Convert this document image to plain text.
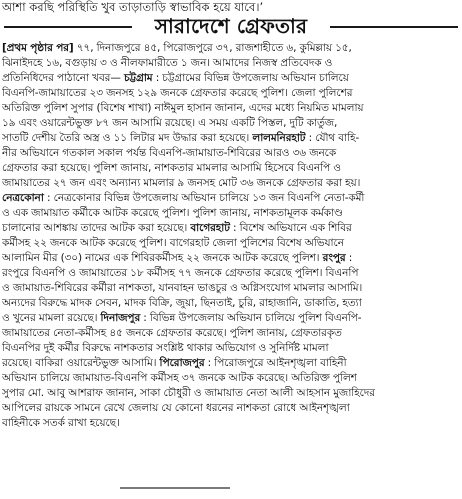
আশা করছি পরিস্থিতি খুব তাড়াতাড়ি স্বাভাবিক হয়ে যাবে।’
সারাদেশে গ্রেফতার
[প্রথম পৃষ্ঠার পর] ৭৭, দিনাজপুরে ৪৫, পিরোজপুরে ৩৭, রাজশাহীতে ৬, কুমিল্লায় ১৫,
ঝিনাইদহে ১৬, বগুড়ায় ৩ ও নীলফামারীতে ১ জন। আমাদের নিজস্ব প্রতিবেদক ও
প্রতিনিধিদের পাঠানো খবর— চট্টগ্রাম : চট্টগ্রামের বিভিন্ন উপজেলায় অভিযান চালিয়ে
বিএনপি-জামায়াতের ২৩ জনসহ ১২৯ জনকে গ্রেফতার করেছে পুলিশ। জেলা পুলিশের
অতিরিক্ত পুলিশ সুপার (বিশেষ শাখা) নাঈমুল হাসান জানান, এদের মধ্যে নিয়মিত মামলায়
১৯ এবং ওয়ারেন্টভুক্ত ৮৭ জন আসামি রয়েছে। এ সময় একটি পিস্তল, দুটি কার্তুজ,
সাতটি দেশীয় তৈরি অস্ত্র ও ১১ লিটার মদ উদ্ধার করা হয়েছে। লালমনিরহাট : যৌথ বাহি-
নীর অভিযানে গতকাল সকাল পর্যন্ত বিএনপি-জামায়াত-শিবিরের আরও ৩৬ জনকে
গ্রেফতার করা হয়েছে। পুলিশ জানায়, নাশকতার মামলার আসামি হিসেবে বিএনপি ও
জামায়াতের ২৭ জন এবং অন্যান্য মামলার ৯ জনসহ মোট ৩৬ জনকে গ্রেফতার করা হয়।
নেত্রকোনা : নেত্রকোনার বিভিন্ন উপজেলায় অভিযান চালিয়ে ১৩ জন বিএনপি নেতা-কর্মী
ও এক জামায়াত কর্মীকে আটক করেছে পুলিশ। পুলিশ জানায়, নাশকতামূলক কর্মকাণ্ড
চালানোর আশঙ্কায় তাদের আটক করা হয়েছে। বাগেরহাট : বিশেষ অভিযানে এক শিবির
কর্মীসহ ২২ জনকে আটক করেছে পুলিশ। বাগেরহাট জেলা পুলিশের বিশেষ অভিযানে
আলামিন মীর (৩০) নামের এক শিবিরকর্মীসহ ২২ জনকে আটক করেছে পুলিশ। রংপুর :
রংপুরে বিএনপি ও জামায়াতের ১৮ কর্মীসহ ৭৭ জনকে গ্রেফতার করেছে পুলিশ। বিএনপি
ও জামায়াত-শিবিরের কর্মীরা নাশকতা, যানবাহন ভাঙচুর ও অগ্নিসংযোগ মামলার আসামি।
অন্যদের বিরুদ্ধে মাদক সেবন, মাদক বিক্রি, জুয়া, ছিনতাই, চুরি, রাহাজানি, ডাকাতি, হত্যা
ও খুনের মামলা রয়েছে। দিনাজপুর : বিভিন্ন উপজেলায় অভিযান চালিয়ে পুলিশ বিএনপি-
জামায়াতের নেতা-কর্মীসহ ৪৫ জনকে গ্রেফতার করেছে। পুলিশ জানায়, গ্রেফতারকৃত
বিএনপির দুই কর্মীর বিরুদ্ধে নাশকতার সংশ্লিষ্ট থাকার অভিযোগ ও সুনির্দিষ্ট মামলা
রয়েছে। বাকিরা ওয়ারেন্টভুক্ত আসামি। পিরোজপুর : পিরোজপুরে আইনশৃঙ্খলা বাহিনী
অভিযান চালিয়ে জামায়াত-বিএনপি কর্মীসহ ৩৭ জনকে আটক করেছে। অতিরিক্ত পুলিশ
সুপার মো. আবু আশরাফ জানান, সাকা চৌধুরী ও জামায়াত নেতা আলী আহসান মুজাহিদের
আপিলের রায়কে সামনে রেখে জেলায় যে কোনো ধরনের নাশকতা রোধে আইনশৃঙ্খলা
বাহিনীকে সতর্ক রাখা হয়েছে।
